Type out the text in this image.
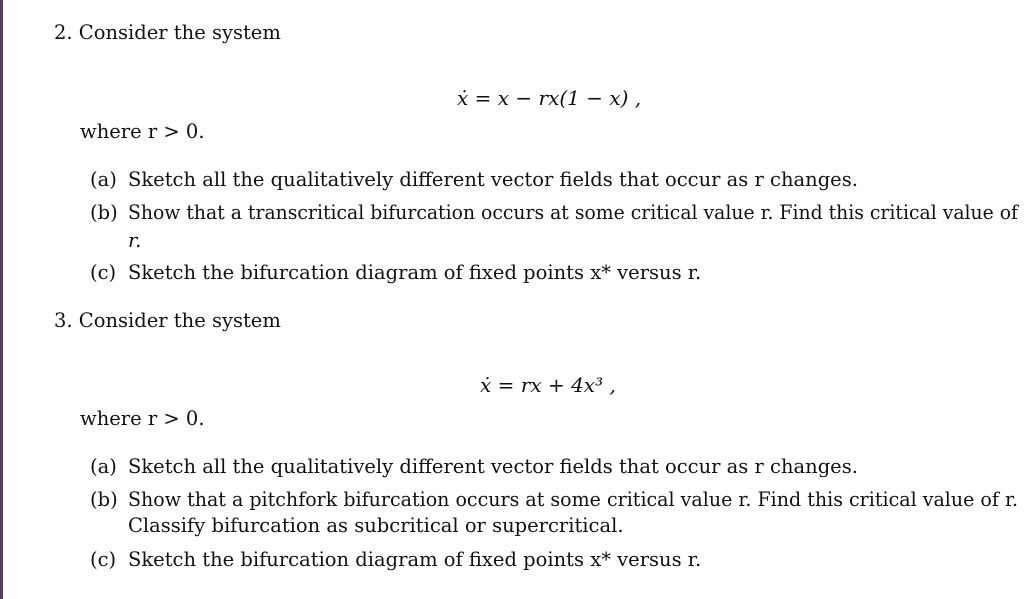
2. Consider the system
ẋ = x − rx(1 − x) ,
where r > 0.
(a) Sketch all the qualitatively different vector fields that occur as r changes.
(b) Show that a transcritical bifurcation occurs at some critical value r. Find this critical value of
r.
(c) Sketch the bifurcation diagram of fixed points x* versus r.
3. Consider the system
ẋ = rx + 4x³ ,
where r > 0.
(a) Sketch all the qualitatively different vector fields that occur as r changes.
(b) Show that a pitchfork bifurcation occurs at some critical value r. Find this critical value of r.
Classify bifurcation as subcritical or supercritical.
(c) Sketch the bifurcation diagram of fixed points x* versus r.
